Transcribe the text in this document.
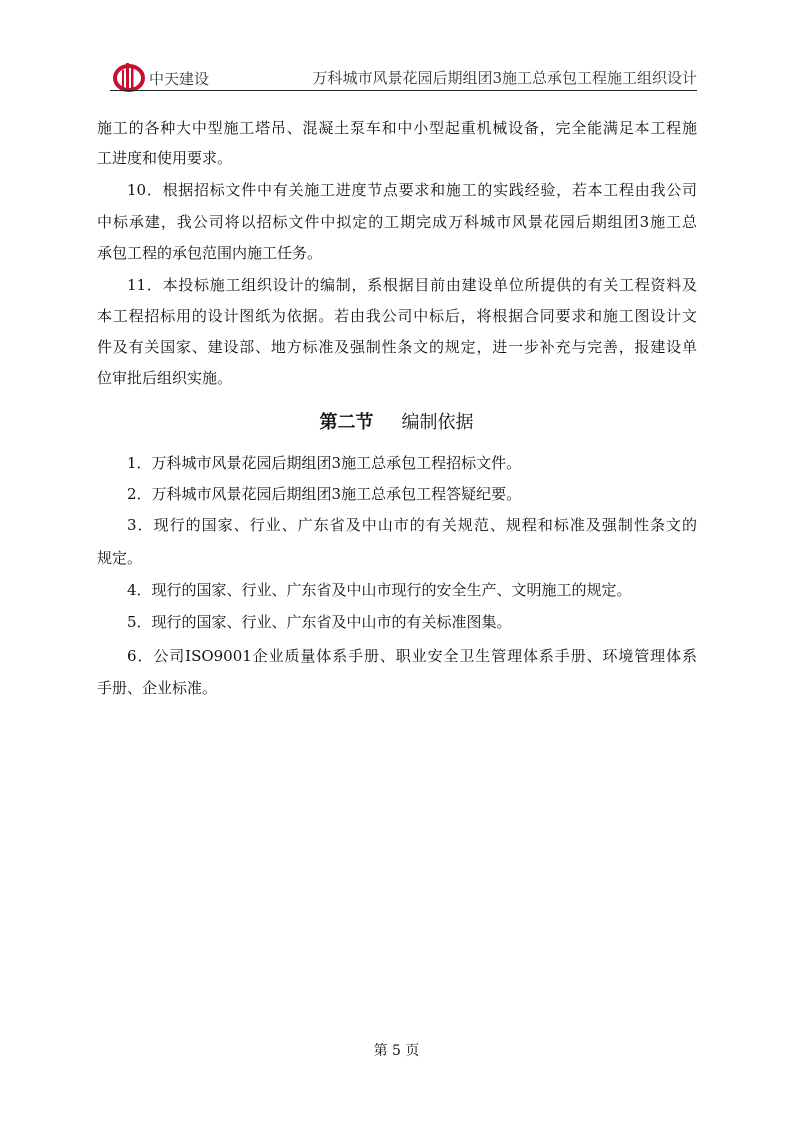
中天建设	万科城市风景花园后期组团3施工总承包工程施工组织设计
施工的各种大中型施工塔吊、混凝土泵车和中小型起重机械设备，完全能满足本工程施
工进度和使用要求。
10．根据招标文件中有关施工进度节点要求和施工的实践经验，若本工程由我公司
中标承建，我公司将以招标文件中拟定的工期完成万科城市风景花园后期组团3施工总
承包工程的承包范围内施工任务。
11．本投标施工组织设计的编制，系根据目前由建设单位所提供的有关工程资料及
本工程招标用的设计图纸为依据。若由我公司中标后，将根据合同要求和施工图设计文
件及有关国家、建设部、地方标准及强制性条文的规定，进一步补充与完善，报建设单
位审批后组织实施。
第二节 编制依据
1．万科城市风景花园后期组团3施工总承包工程招标文件。
2．万科城市风景花园后期组团3施工总承包工程答疑纪要。
3．现行的国家、行业、广东省及中山市的有关规范、规程和标准及强制性条文的
规定。
4．现行的国家、行业、广东省及中山市现行的安全生产、文明施工的规定。
5．现行的国家、行业、广东省及中山市的有关标准图集。
6．公司ISO9001企业质量体系手册、职业安全卫生管理体系手册、环境管理体系
手册、企业标准。
第 5 页
